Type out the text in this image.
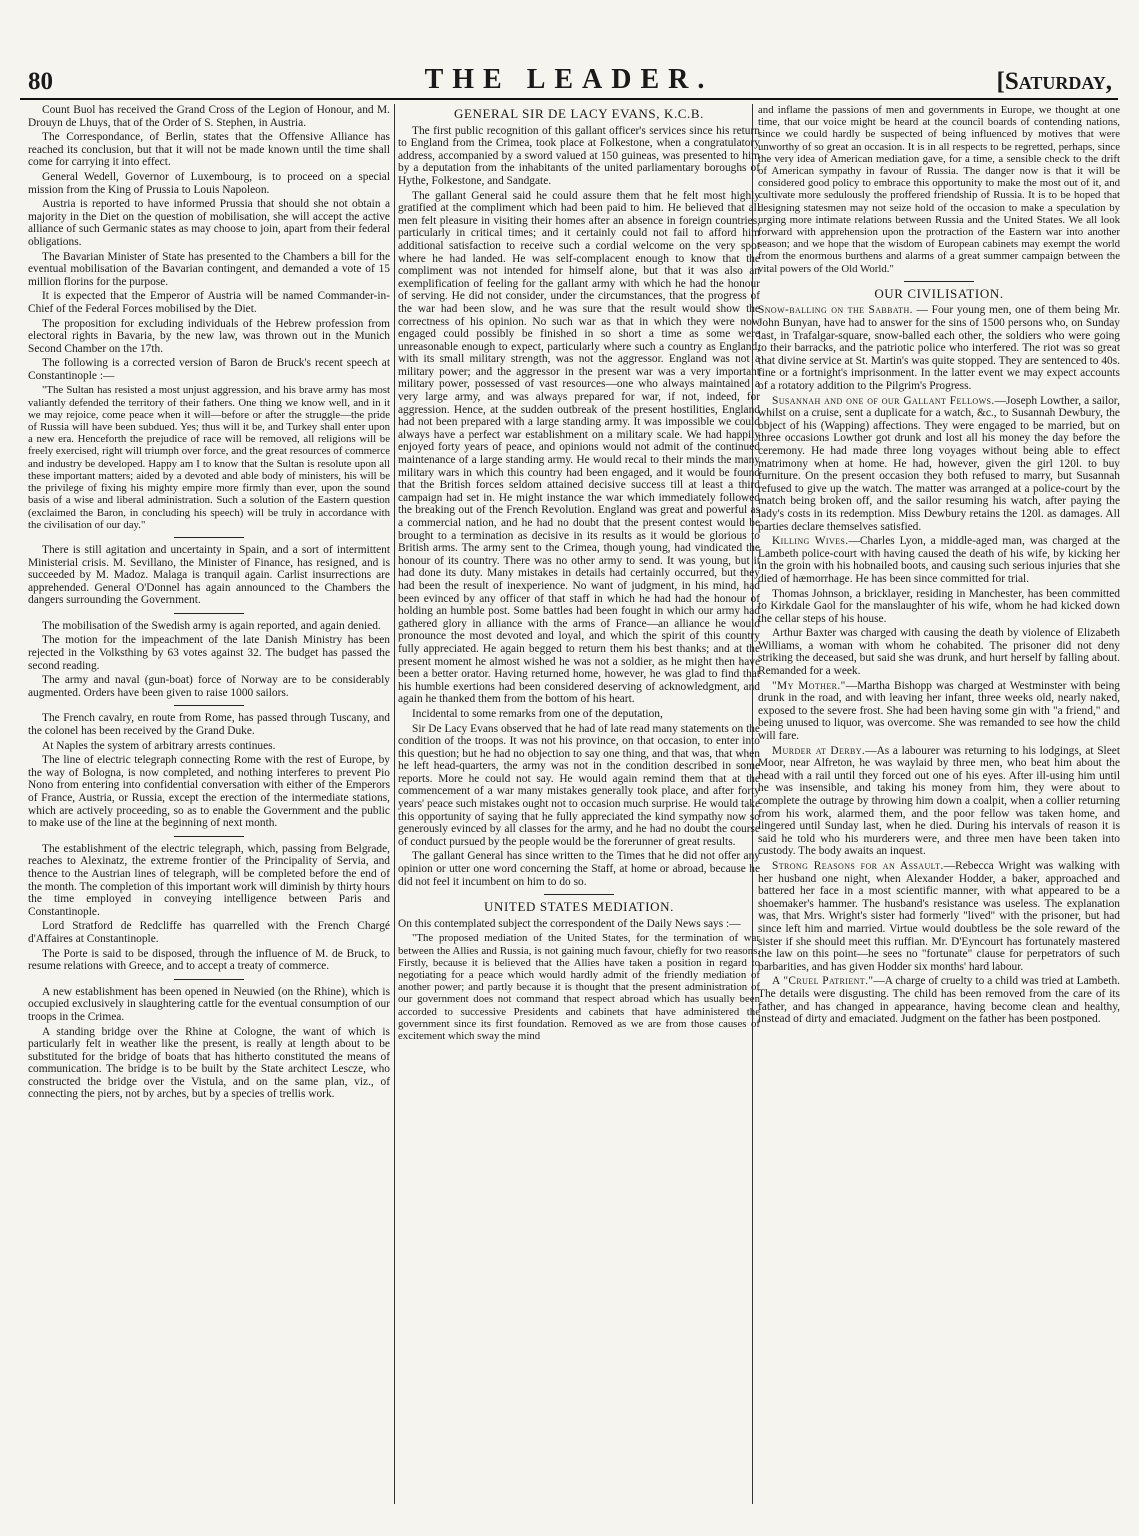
80	THE LEADER.	[Saturday,

Count Buol has received the Grand Cross of the Legion of Honour, and M. Drouyn de Lhuys, that of the Order of S. Stephen, in Austria.

The Correspondance, of Berlin, states that the Offensive Alliance has reached its conclusion, but that it will not be made known until the time shall come for carrying it into effect.

General Wedell, Governor of Luxembourg, is to proceed on a special mission from the King of Prussia to Louis Napoleon.

Austria is reported to have informed Prussia that should she not obtain a majority in the Diet on the question of mobilisation, she will accept the active alliance of such Germanic states as may choose to join, apart from their federal obligations.

The Bavarian Minister of State has presented to the Chambers a bill for the eventual mobilisation of the Bavarian contingent, and demanded a vote of 15 million florins for the purpose.

It is expected that the Emperor of Austria will be named Commander-in-Chief of the Federal Forces mobilised by the Diet.

The proposition for excluding individuals of the Hebrew profession from electoral rights in Bavaria, by the new law, was thrown out in the Munich Second Chamber on the 17th.

The following is a corrected version of Baron de Bruck's recent speech at Constantinople :—

"The Sultan has resisted a most unjust aggression, and his brave army has most valiantly defended the territory of their fathers. One thing we know well, and in it we may rejoice, come peace when it will—before or after the struggle—the pride of Russia will have been subdued. Yes; thus will it be, and Turkey shall enter upon a new era. Henceforth the prejudice of race will be removed, all religions will be freely exercised, right will triumph over force, and the great resources of commerce and industry be developed. Happy am I to know that the Sultan is resolute upon all these important matters; aided by a devoted and able body of ministers, his will be the privilege of fixing his mighty empire more firmly than ever, upon the sound basis of a wise and liberal administration. Such a solution of the Eastern question (exclaimed the Baron, in concluding his speech) will be truly in accordance with the civilisation of our day."

There is still agitation and uncertainty in Spain, and a sort of intermittent Ministerial crisis. M. Sevillano, the Minister of Finance, has resigned, and is succeeded by M. Madoz. Malaga is tranquil again. Carlist insurrections are apprehended. General O'Donnel has again announced to the Chambers the dangers surrounding the Government.

The mobilisation of the Swedish army is again reported, and again denied.

The motion for the impeachment of the late Danish Ministry has been rejected in the Volksthing by 63 votes against 32. The budget has passed the second reading.

The army and naval (gun-boat) force of Norway are to be considerably augmented. Orders have been given to raise 1000 sailors.

The French cavalry, en route from Rome, has passed through Tuscany, and the colonel has been received by the Grand Duke.

At Naples the system of arbitrary arrests continues.

The line of electric telegraph connecting Rome with the rest of Europe, by the way of Bologna, is now completed, and nothing interferes to prevent Pio Nono from entering into confidential conversation with either of the Emperors of France, Austria, or Russia, except the erection of the intermediate stations, which are actively proceeding, so as to enable the Government and the public to make use of the line at the beginning of next month.

The establishment of the electric telegraph, which, passing from Belgrade, reaches to Alexinatz, the extreme frontier of the Principality of Servia, and thence to the Austrian lines of telegraph, will be completed before the end of the month. The completion of this important work will diminish by thirty hours the time employed in conveying intelligence between Paris and Constantinople.

Lord Stratford de Redcliffe has quarrelled with the French Chargé d'Affaires at Constantinople.

The Porte is said to be disposed, through the influence of M. de Bruck, to resume relations with Greece, and to accept a treaty of commerce.

A new establishment has been opened in Neuwied (on the Rhine), which is occupied exclusively in slaughtering cattle for the eventual consumption of our troops in the Crimea.

A standing bridge over the Rhine at Cologne, the want of which is particularly felt in weather like the present, is really at length about to be substituted for the bridge of boats that has hitherto constituted the means of communication. The bridge is to be built by the State architect Lescze, who constructed the bridge over the Vistula, and on the same plan, viz., of connecting the piers, not by arches, but by a species of trellis work.

GENERAL SIR DE LACY EVANS, K.C.B.

The first public recognition of this gallant officer's services since his return to England from the Crimea, took place at Folkestone, when a congratulatory address, accompanied by a sword valued at 150 guineas, was presented to him by a deputation from the inhabitants of the united parliamentary boroughs of Hythe, Folkestone, and Sandgate.

The gallant General said he could assure them that he felt most highly gratified at the compliment which had been paid to him. He believed that all men felt pleasure in visiting their homes after an absence in foreign countries, particularly in critical times; and it certainly could not fail to afford him additional satisfaction to receive such a cordial welcome on the very spot where he had landed. He was self-complacent enough to know that the compliment was not intended for himself alone, but that it was also an exemplification of feeling for the gallant army with which he had the honour of serving. He did not consider, under the circumstances, that the progress of the war had been slow, and he was sure that the result would show the correctness of his opinion. No such war as that in which they were now engaged could possibly be finished in so short a time as some were unreasonable enough to expect, particularly where such a country as England, with its small military strength, was not the aggressor. England was not a military power; and the aggressor in the present war was a very important military power, possessed of vast resources—one who always maintained a very large army, and was always prepared for war, if not, indeed, for aggression. Hence, at the sudden outbreak of the present hostilities, England had not been prepared with a large standing army. It was impossible we could always have a perfect war establishment on a military scale. We had happily enjoyed forty years of peace, and opinions would not admit of the continued maintenance of a large standing army. He would recal to their minds the many military wars in which this country had been engaged, and it would be found that the British forces seldom attained decisive success till at least a third campaign had set in. He might instance the war which immediately followed the breaking out of the French Revolution. England was great and powerful as a commercial nation, and he had no doubt that the present contest would be brought to a termination as decisive in its results as it would be glorious to British arms. The army sent to the Crimea, though young, had vindicated the honour of its country. There was no other army to send. It was young, but it had done its duty. Many mistakes in details had certainly occurred, but they had been the result of inexperience. No want of judgment, in his mind, had been evinced by any officer of that staff in which he had had the honour of holding an humble post. Some battles had been fought in which our army had gathered glory in alliance with the arms of France—an alliance he would pronounce the most devoted and loyal, and which the spirit of this country fully appreciated. He again begged to return them his best thanks; and at the present moment he almost wished he was not a soldier, as he might then have been a better orator. Having returned home, however, he was glad to find that his humble exertions had been considered deserving of acknowledgment, and again he thanked them from the bottom of his heart.

Incidental to some remarks from one of the deputation,

Sir De Lacy Evans observed that he had of late read many statements on the condition of the troops. It was not his province, on that occasion, to enter into this question; but he had no objection to say one thing, and that was, that when he left head-quarters, the army was not in the condition described in some reports. More he could not say. He would again remind them that at the commencement of a war many mistakes generally took place, and after forty years' peace such mistakes ought not to occasion much surprise. He would take this opportunity of saying that he fully appreciated the kind sympathy now so generously evinced by all classes for the army, and he had no doubt the course of conduct pursued by the people would be the forerunner of great results.

The gallant General has since written to the Times that he did not offer any opinion or utter one word concerning the Staff, at home or abroad, because he did not feel it incumbent on him to do so.

UNITED STATES MEDIATION.

On this contemplated subject the correspondent of the Daily News says :—

"The proposed mediation of the United States, for the termination of war between the Allies and Russia, is not gaining much favour, chiefly for two reasons. Firstly, because it is believed that the Allies have taken a position in regard to negotiating for a peace which would hardly admit of the friendly mediation of another power; and partly because it is thought that the present administration of our government does not command that respect abroad which has usually been accorded to successive Presidents and cabinets that have administered the government since its first foundation. Removed as we are from those causes of excitement which sway the mind

and inflame the passions of men and governments in Europe, we thought at one time, that our voice might be heard at the council boards of contending nations, since we could hardly be suspected of being influenced by motives that were unworthy of so great an occasion. It is in all respects to be regretted, perhaps, since the very idea of American mediation gave, for a time, a sensible check to the drift of American sympathy in favour of Russia. The danger now is that it will be considered good policy to embrace this opportunity to make the most out of it, and cultivate more sedulously the proffered friendship of Russia. It is to be hoped that designing statesmen may not seize hold of the occasion to make a speculation by urging more intimate relations between Russia and the United States. We all look forward with apprehension upon the protraction of the Eastern war into another season; and we hope that the wisdom of European cabinets may exempt the world from the enormous burthens and alarms of a great summer campaign between the vital powers of the Old World."

OUR CIVILISATION.

Snow-balling on the Sabbath. — Four young men, one of them being Mr. John Bunyan, have had to answer for the sins of 1500 persons who, on Sunday last, in Trafalgar-square, snow-balled each other, the soldiers who were going to their barracks, and the patriotic police who interfered. The riot was so great that divine service at St. Martin's was quite stopped. They are sentenced to 40s. fine or a fortnight's imprisonment. In the latter event we may expect accounts of a rotatory addition to the Pilgrim's Progress.

Susannah and one of our Gallant Fellows.—Joseph Lowther, a sailor, whilst on a cruise, sent a duplicate for a watch, &c., to Susannah Dewbury, the object of his (Wapping) affections. They were engaged to be married, but on three occasions Lowther got drunk and lost all his money the day before the ceremony. He had made three long voyages without being able to effect matrimony when at home. He had, however, given the girl 120l. to buy furniture. On the present occasion they both refused to marry, but Susannah refused to give up the watch. The matter was arranged at a police-court by the match being broken off, and the sailor resuming his watch, after paying the lady's costs in its redemption. Miss Dewbury retains the 120l. as damages. All parties declare themselves satisfied.

Killing Wives.—Charles Lyon, a middle-aged man, was charged at the Lambeth police-court with having caused the death of his wife, by kicking her in the groin with his hobnailed boots, and causing such serious injuries that she died of hæmorrhage. He has been since committed for trial.

Thomas Johnson, a bricklayer, residing in Manchester, has been committed to Kirkdale Gaol for the manslaughter of his wife, whom he had kicked down the cellar steps of his house.

Arthur Baxter was charged with causing the death by violence of Elizabeth Williams, a woman with whom he cohabited. The prisoner did not deny striking the deceased, but said she was drunk, and hurt herself by falling about. Remanded for a week.

"My Mother."—Martha Bishopp was charged at Westminster with being drunk in the road, and with leaving her infant, three weeks old, nearly naked, exposed to the severe frost. She had been having some gin with "a friend," and being unused to liquor, was overcome. She was remanded to see how the child will fare.

Murder at Derby.—As a labourer was returning to his lodgings, at Sleet Moor, near Alfreton, he was waylaid by three men, who beat him about the head with a rail until they forced out one of his eyes. After ill-using him until he was insensible, and taking his money from him, they were about to complete the outrage by throwing him down a coalpit, when a collier returning from his work, alarmed them, and the poor fellow was taken home, and lingered until Sunday last, when he died. During his intervals of reason it is said he told who his murderers were, and three men have been taken into custody. The body awaits an inquest.

Strong Reasons for an Assault.—Rebecca Wright was walking with her husband one night, when Alexander Hodder, a baker, approached and battered her face in a most scientific manner, with what appeared to be a shoemaker's hammer. The husband's resistance was useless. The explanation was, that Mrs. Wright's sister had formerly "lived" with the prisoner, but had since left him and married. Virtue would doubtless be the sole reward of the sister if she should meet this ruffian. Mr. D'Eyncourt has fortunately mastered the law on this point—he sees no "fortunate" clause for perpetrators of such barbarities, and has given Hodder six months' hard labour.

A "Cruel Patrient."—A charge of cruelty to a child was tried at Lambeth. The details were disgusting. The child has been removed from the care of its father, and has changed in appearance, having become clean and healthy, instead of dirty and emaciated. Judgment on the father has been postponed.
